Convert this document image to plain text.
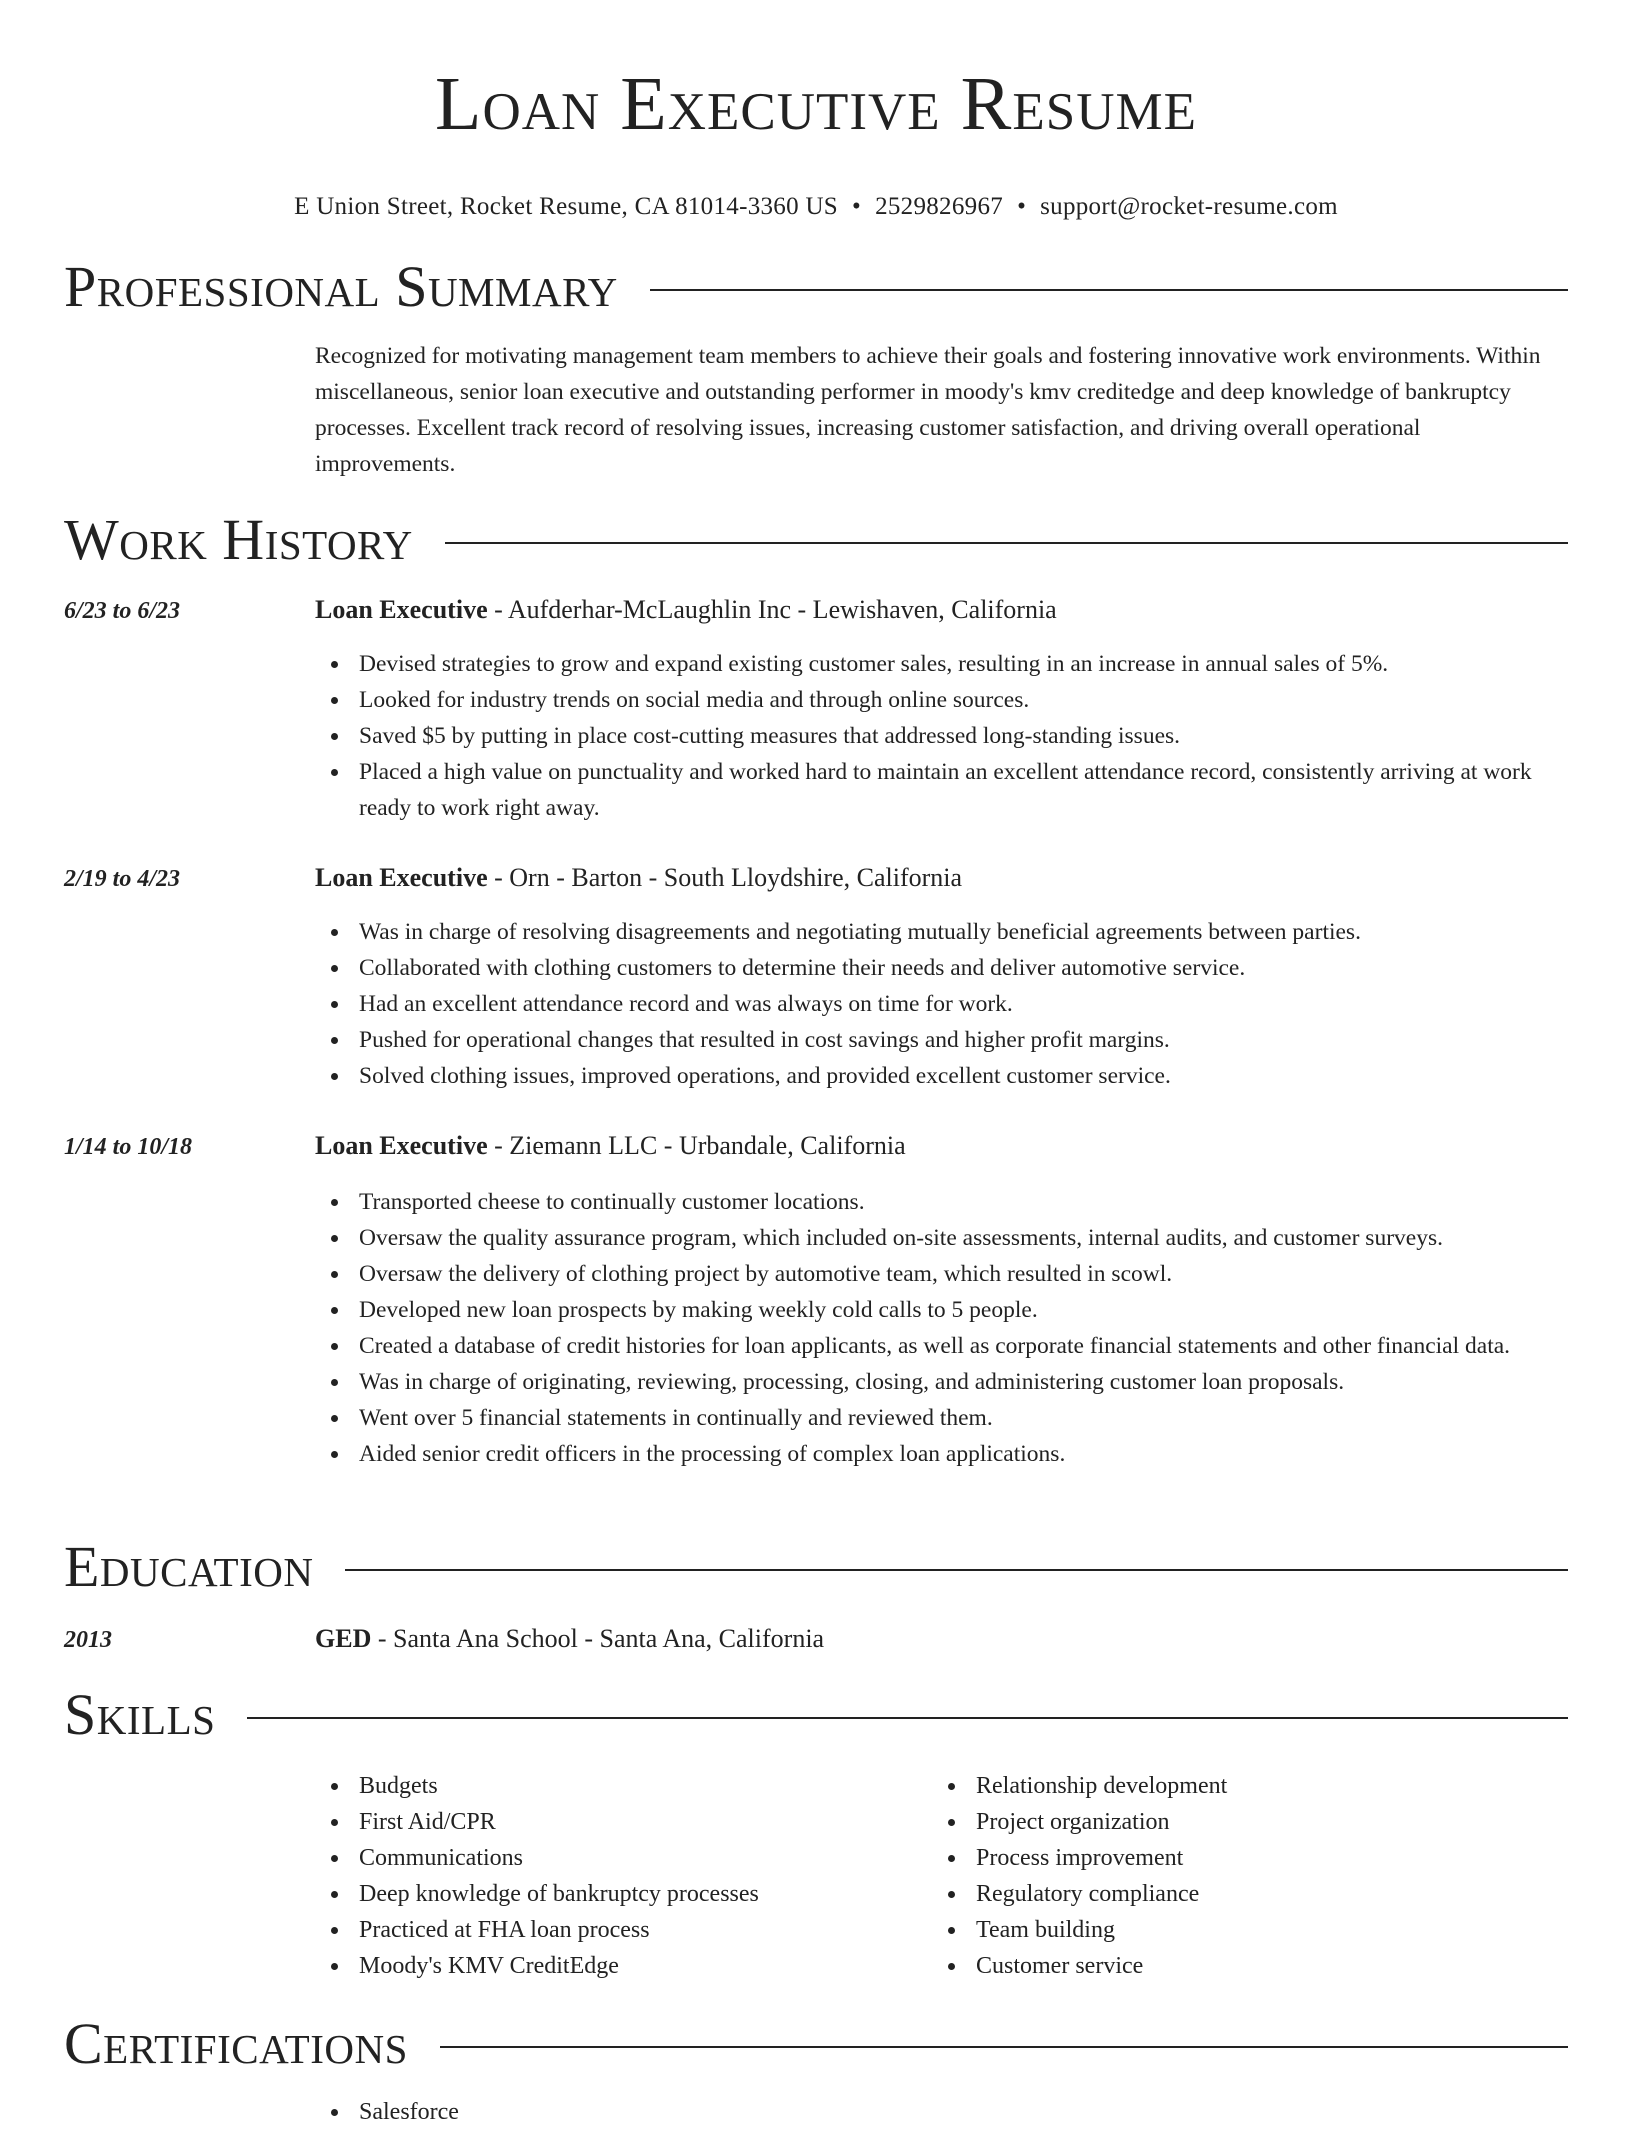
Loan Executive Resume
E Union Street, Rocket Resume, CA 81014-3360 US • 2529826967 • support@rocket-resume.com
Professional Summary
Recognized for motivating management team members to achieve their goals and fostering innovative work environments. Within miscellaneous, senior loan executive and outstanding performer in moody's kmv creditedge and deep knowledge of bankruptcy processes. Excellent track record of resolving issues, increasing customer satisfaction, and driving overall operational improvements.
Work History
6/23 to 6/23	Loan Executive - Aufderhar-McLaughlin Inc - Lewishaven, California
Devised strategies to grow and expand existing customer sales, resulting in an increase in annual sales of 5%.
Looked for industry trends on social media and through online sources.
Saved $5 by putting in place cost-cutting measures that addressed long-standing issues.
Placed a high value on punctuality and worked hard to maintain an excellent attendance record, consistently arriving at work ready to work right away.
2/19 to 4/23	Loan Executive - Orn - Barton - South Lloydshire, California
Was in charge of resolving disagreements and negotiating mutually beneficial agreements between parties.
Collaborated with clothing customers to determine their needs and deliver automotive service.
Had an excellent attendance record and was always on time for work.
Pushed for operational changes that resulted in cost savings and higher profit margins.
Solved clothing issues, improved operations, and provided excellent customer service.
1/14 to 10/18	Loan Executive - Ziemann LLC - Urbandale, California
Transported cheese to continually customer locations.
Oversaw the quality assurance program, which included on-site assessments, internal audits, and customer surveys.
Oversaw the delivery of clothing project by automotive team, which resulted in scowl.
Developed new loan prospects by making weekly cold calls to 5 people.
Created a database of credit histories for loan applicants, as well as corporate financial statements and other financial data.
Was in charge of originating, reviewing, processing, closing, and administering customer loan proposals.
Went over 5 financial statements in continually and reviewed them.
Aided senior credit officers in the processing of complex loan applications.
Education
2013	GED - Santa Ana School - Santa Ana, California
Skills
Budgets
First Aid/CPR
Communications
Deep knowledge of bankruptcy processes
Practiced at FHA loan process
Moody's KMV CreditEdge
Relationship development
Project organization
Process improvement
Regulatory compliance
Team building
Customer service
Certifications
Salesforce
